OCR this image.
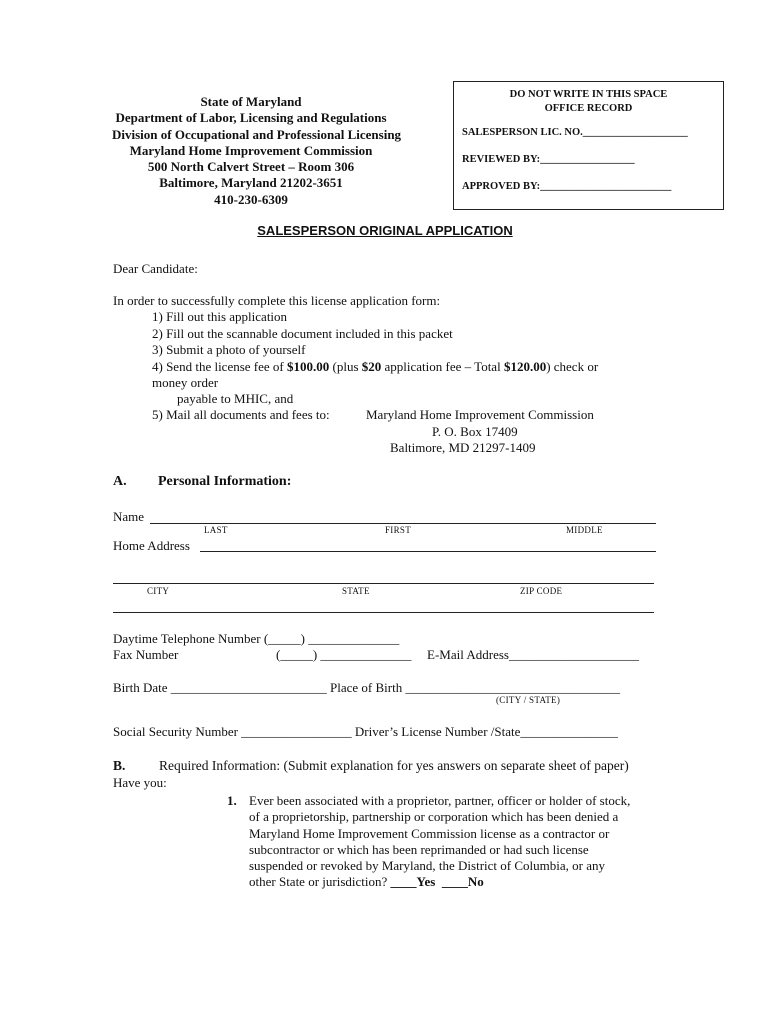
State of Maryland
Department of Labor, Licensing and Regulations
Division of Occupational and Professional Licensing
Maryland Home Improvement Commission
500 North Calvert Street – Room 306
Baltimore, Maryland 21202-3651
410-230-6309
DO NOT WRITE IN THIS SPACE
OFFICE RECORD
SALESPERSON LIC. NO.____________________
REVIEWED BY:__________________
APPROVED BY:_________________________
SALESPERSON ORIGINAL APPLICATION
Dear Candidate:
In order to successfully complete this license application form:
1) Fill out this application
2) Fill out the scannable document included in this packet
3) Submit a photo of yourself
4) Send the license fee of $100.00 (plus $20 application fee – Total $120.00) check or
money order
payable to MHIC, and
5) Mail all documents and fees to:	Maryland Home Improvement Commission
P. O. Box 17409
Baltimore, MD 21297-1409
A. Personal Information:
Name
LAST	FIRST	MIDDLE
Home Address
CITY	STATE	ZIP CODE
Daytime Telephone Number (_____) ______________
Fax Number	(_____) ______________ E-Mail Address____________________
Birth Date ________________________ Place of Birth _________________________________
(CITY / STATE)
Social Security Number _________________ Driver’s License Number /State_______________
B. Required Information: (Submit explanation for yes answers on separate sheet of paper)
Have you:
1. Ever been associated with a proprietor, partner, officer or holder of stock,
of a proprietorship, partnership or corporation which has been denied a
Maryland Home Improvement Commission license as a contractor or
subcontractor or which has been reprimanded or had such license
suspended or revoked by Maryland, the District of Columbia, or any
other State or jurisdiction? ____Yes ____No
